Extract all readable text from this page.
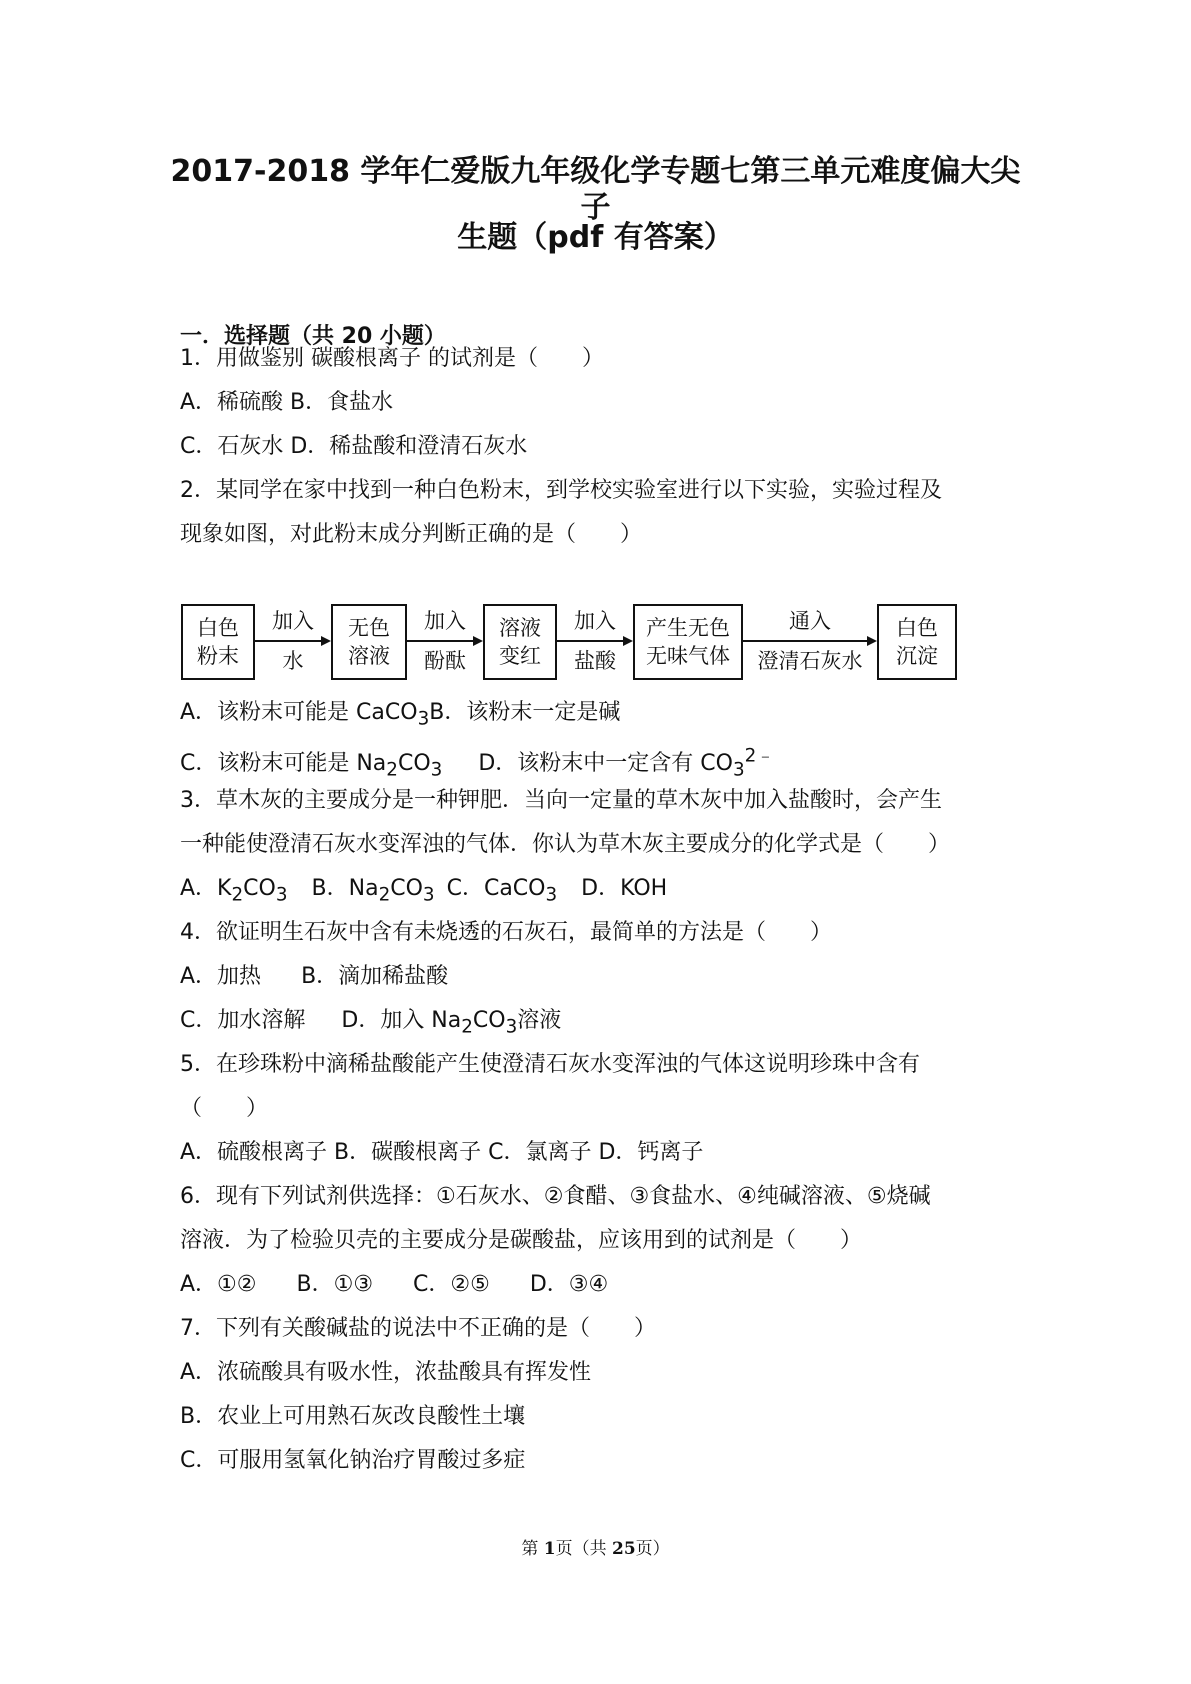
2017-2018 学年仁爱版九年级化学专题七第三单元难度偏大尖子
生题（pdf 有答案）
一．选择题（共 20 小题）
1．用做鉴别 碳酸根离子 的试剂是（　　）
A．稀硫酸 B．食盐水
C．石灰水 D．稀盐酸和澄清石灰水
2．某同学在家中找到一种白色粉末，到学校实验室进行以下实验，实验过程及
现象如图，对此粉末成分判断正确的是（　　）
白色
粉末
加入
水
无色
溶液
加入
酚酞
溶液
变红
加入
盐酸
产生无色
无味气体
通入
澄清石灰水
白色
沉淀
A．该粉末可能是 CaCO$_3$B．该粉末一定是碱
C．该粉末可能是 $Na_2CO_3$ D．该粉末中一定含有 $CO_3^{2﹣}$
3．草木灰的主要成分是一种钾肥．当向一定量的草木灰中加入盐酸时，会产生
一种能使澄清石灰水变浑浊的气体．你认为草木灰主要成分的化学式是（　　）
A．$K_2CO_3$ B．$Na_2CO_3$ C．CaCO$_3$ D．KOH
4．欲证明生石灰中含有未烧透的石灰石，最简单的方法是（　　）
A．加热 B．滴加稀盐酸
C．加水溶解 D．加入 $Na_2CO_3$溶液
5．在珍珠粉中滴稀盐酸能产生使澄清石灰水变浑浊的气体这说明珍珠中含有
（　　）
A．硫酸根离子 B．碳酸根离子 C．氯离子 D．钙离子
6．现有下列试剂供选择：①石灰水、②食醋、③食盐水、④纯碱溶液、⑤烧碱
溶液．为了检验贝壳的主要成分是碳酸盐，应该用到的试剂是（　　）
A．①② B．①③ C．②⑤ D．③④
7．下列有关酸碱盐的说法中不正确的是（　　）
A．浓硫酸具有吸水性，浓盐酸具有挥发性
B．农业上可用熟石灰改良酸性土壤
C．可服用氢氧化钠治疗胃酸过多症
第 1页（共 25页）
